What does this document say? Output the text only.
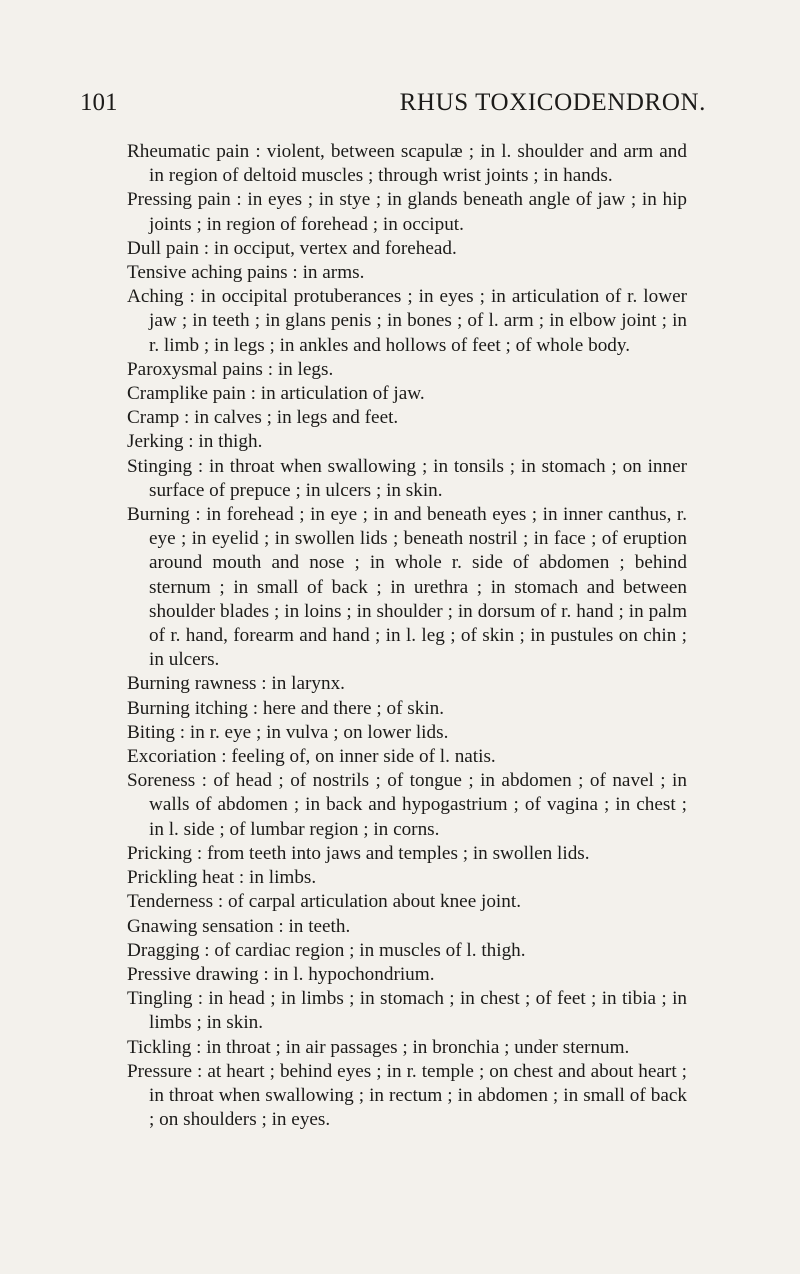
101	RHUS TOXICODENDRON.

Rheumatic pain : violent, between scapulæ ; in l. shoulder and arm and in region of deltoid muscles ; through wrist joints ; in hands.

Pressing pain : in eyes ; in stye ; in glands beneath angle of jaw ; in hip joints ; in region of forehead ; in occiput.

Dull pain : in occiput, vertex and forehead.

Tensive aching pains : in arms.

Aching : in occipital protuberances ; in eyes ; in articulation of r. lower jaw ; in teeth ; in glans penis ; in bones ; of l. arm ; in elbow joint ; in r. limb ; in legs ; in ankles and hollows of feet ; of whole body.

Paroxysmal pains : in legs.

Cramplike pain : in articulation of jaw.

Cramp : in calves ; in legs and feet.

Jerking : in thigh.

Stinging : in throat when swallowing ; in tonsils ; in stomach ; on inner surface of prepuce ; in ulcers ; in skin.

Burning : in forehead ; in eye ; in and beneath eyes ; in inner canthus, r. eye ; in eyelid ; in swollen lids ; beneath nostril ; in face ; of eruption around mouth and nose ; in whole r. side of abdomen ; behind sternum ; in small of back ; in urethra ; in stomach and between shoulder blades ; in loins ; in shoulder ; in dorsum of r. hand ; in palm of r. hand, forearm and hand ; in l. leg ; of skin ; in pustules on chin ; in ulcers.

Burning rawness : in larynx.

Burning itching : here and there ; of skin.

Biting : in r. eye ; in vulva ; on lower lids.

Excoriation : feeling of, on inner side of l. natis.

Soreness : of head ; of nostrils ; of tongue ; in abdomen ; of navel ; in walls of abdomen ; in back and hypogastrium ; of vagina ; in chest ; in l. side ; of lumbar region ; in corns.

Pricking : from teeth into jaws and temples ; in swollen lids.

Prickling heat : in limbs.

Tenderness : of carpal articulation about knee joint.

Gnawing sensation : in teeth.

Dragging : of cardiac region ; in muscles of l. thigh.

Pressive drawing : in l. hypochondrium.

Tingling : in head ; in limbs ; in stomach ; in chest ; of feet ; in tibia ; in limbs ; in skin.

Tickling : in throat ; in air passages ; in bronchia ; under sternum.

Pressure : at heart ; behind eyes ; in r. temple ; on chest and about heart ; in throat when swallowing ; in rectum ; in abdomen ; in small of back ; on shoulders ; in eyes.
